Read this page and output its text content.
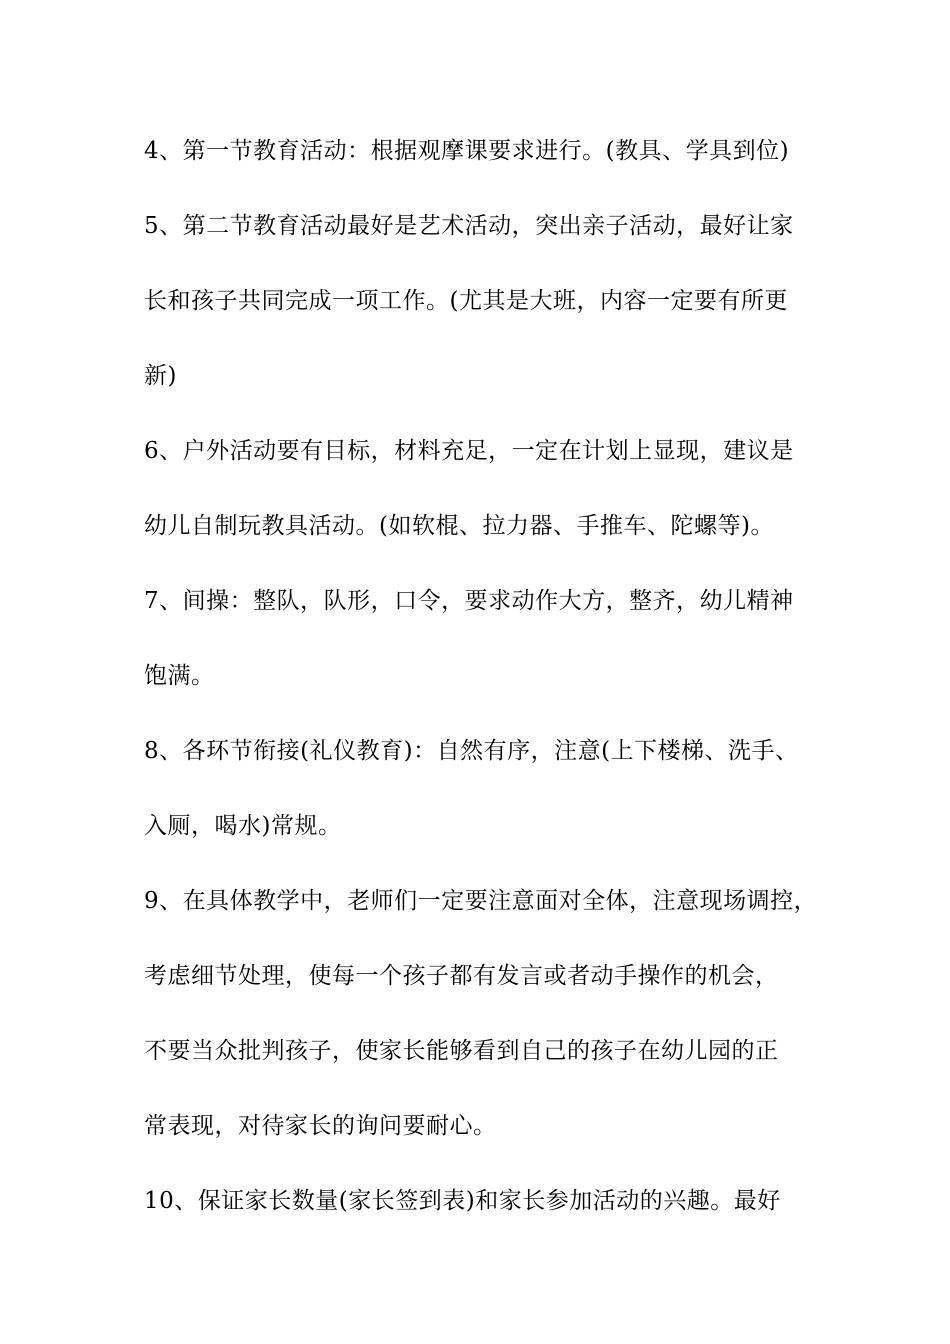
4、第一节教育活动：根据观摩课要求进行。(教具、学具到位)
5、第二节教育活动最好是艺术活动，突出亲子活动，最好让家
长和孩子共同完成一项工作。(尤其是大班，内容一定要有所更
新)
6、户外活动要有目标，材料充足，一定在计划上显现，建议是
幼儿自制玩教具活动。(如软棍、拉力器、手推车、陀螺等)。
7、间操：整队，队形，口令，要求动作大方，整齐，幼儿精神
饱满。
8、各环节衔接(礼仪教育)：自然有序，注意(上下楼梯、洗手、
入厕，喝水)常规。
9、在具体教学中，老师们一定要注意面对全体，注意现场调控，
考虑细节处理，使每一个孩子都有发言或者动手操作的机会，
不要当众批判孩子，使家长能够看到自己的孩子在幼儿园的正
常表现，对待家长的询问要耐心。
10、保证家长数量(家长签到表)和家长参加活动的兴趣。最好
